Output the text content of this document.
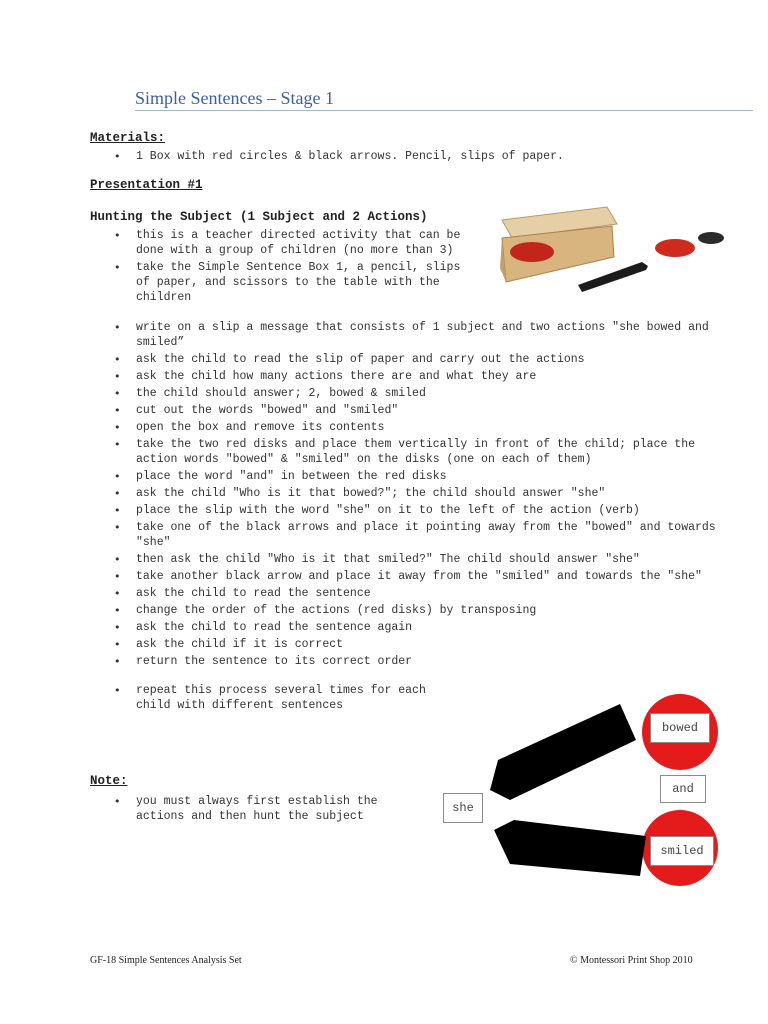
Simple Sentences – Stage 1
Materials:
• 1 Box with red circles & black arrows. Pencil, slips of paper.
Presentation #1
Hunting the Subject (1 Subject and 2 Actions)
• this is a teacher directed activity that can be done with a group of children (no more than 3)
• take the Simple Sentence Box 1, a pencil, slips of paper, and scissors to the table with the children
• write on a slip a message that consists of 1 subject and two actions "she bowed and smiled”
• ask the child to read the slip of paper and carry out the actions
• ask the child how many actions there are and what they are
• the child should answer; 2, bowed & smiled
• cut out the words "bowed" and "smiled"
• open the box and remove its contents
• take the two red disks and place them vertically in front of the child; place the action words "bowed" & "smiled" on the disks (one on each of them)
• place the word "and" in between the red disks
• ask the child "Who is it that bowed?"; the child should answer "she"
• place the slip with the word "she" on it to the left of the action (verb)
• take one of the black arrows and place it pointing away from the "bowed" and towards "she"
• then ask the child "Who is it that smiled?" The child should answer "she"
• take another black arrow and place it away from the "smiled" and towards the "she"
• ask the child to read the sentence
• change the order of the actions (red disks) by transposing
• ask the child to read the sentence again
• ask the child if it is correct
• return the sentence to its correct order
• repeat this process several times for each child with different sentences
Note:
• you must always first establish the actions and then hunt the subject
bowed
and
smiled
she
GF-18 Simple Sentences Analysis Set	© Montessori Print Shop 2010
